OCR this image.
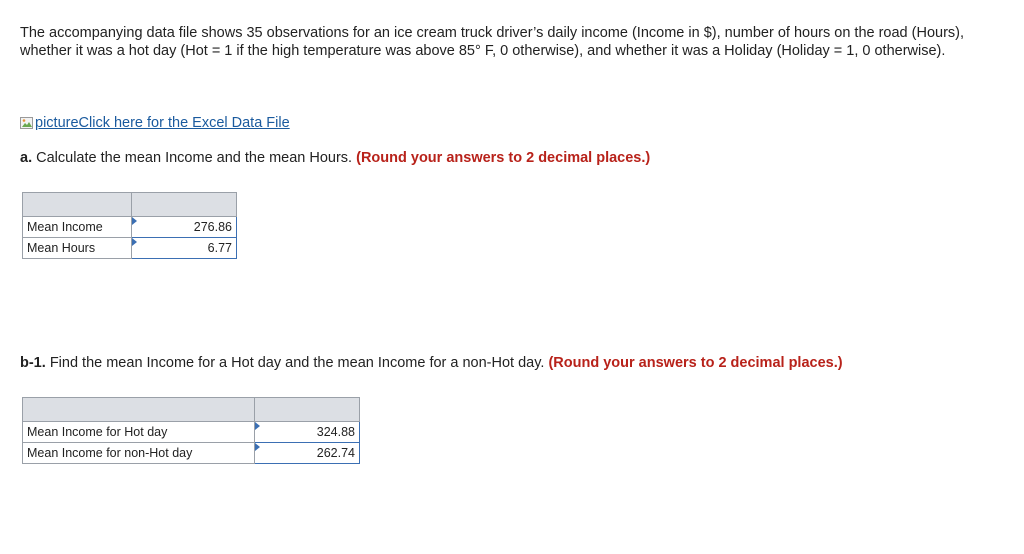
The accompanying data file shows 35 observations for an ice cream truck driver’s daily income (Income in $), number of hours on the road (Hours), whether it was a hot day (Hot = 1 if the high temperature was above 85° F, 0 otherwise), and whether it was a Holiday (Holiday = 1, 0 otherwise).

pictureClick here for the Excel Data File

a. Calculate the mean Income and the mean Hours. (Round your answers to 2 decimal places.)

Mean Income	276.86
Mean Hours	6.77

b-1. Find the mean Income for a Hot day and the mean Income for a non-Hot day. (Round your answers to 2 decimal places.)

Mean Income for Hot day	324.88
Mean Income for non-Hot day	262.74
